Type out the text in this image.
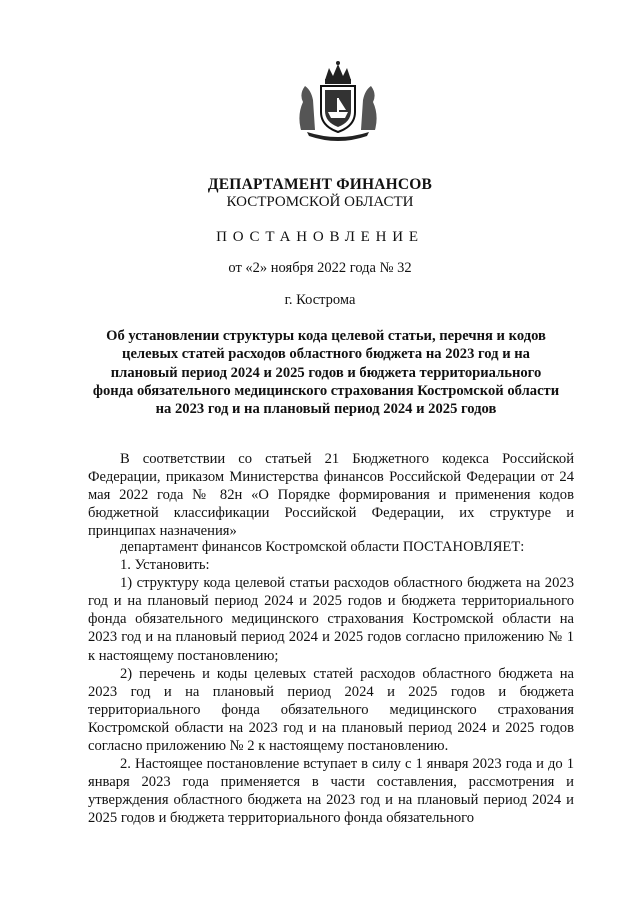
ДЕПАРТАМЕНТ ФИНАНСОВ
КОСТРОМСКОЙ ОБЛАСТИ
ПОСТАНОВЛЕНИЕ
от «2» ноября 2022 года № 32
г. Кострома
Об установлении структуры кода целевой статьи, перечня и кодов целевых статей расходов областного бюджета на 2023 год и на плановый период 2024 и 2025 годов и бюджета территориального фонда обязательного медицинского страхования Костромской области на 2023 год и на плановый период 2024 и 2025 годов

В соответствии со статьей 21 Бюджетного кодекса Российской Федерации, приказом Министерства финансов Российской Федерации от 24 мая 2022 года № 82н «О Порядке формирования и применения кодов бюджетной классификации Российской Федерации, их структуре и принципах назначения»

департамент финансов Костромской области ПОСТАНОВЛЯЕТ:

1. Установить:

1) структуру кода целевой статьи расходов областного бюджета на 2023 год и на плановый период 2024 и 2025 годов и бюджета территориального фонда обязательного медицинского страхования Костромской области на 2023 год и на плановый период 2024 и 2025 годов согласно приложению № 1 к настоящему постановлению;

2) перечень и коды целевых статей расходов областного бюджета на 2023 год и на плановый период 2024 и 2025 годов и бюджета территориального фонда обязательного медицинского страхования Костромской области на 2023 год и на плановый период 2024 и 2025 годов согласно приложению № 2 к настоящему постановлению.

2. Настоящее постановление вступает в силу с 1 января 2023 года и до 1 января 2023 года применяется в части составления, рассмотрения и утверждения областного бюджета на 2023 год и на плановый период 2024 и 2025 годов и бюджета территориального фонда обязательного
